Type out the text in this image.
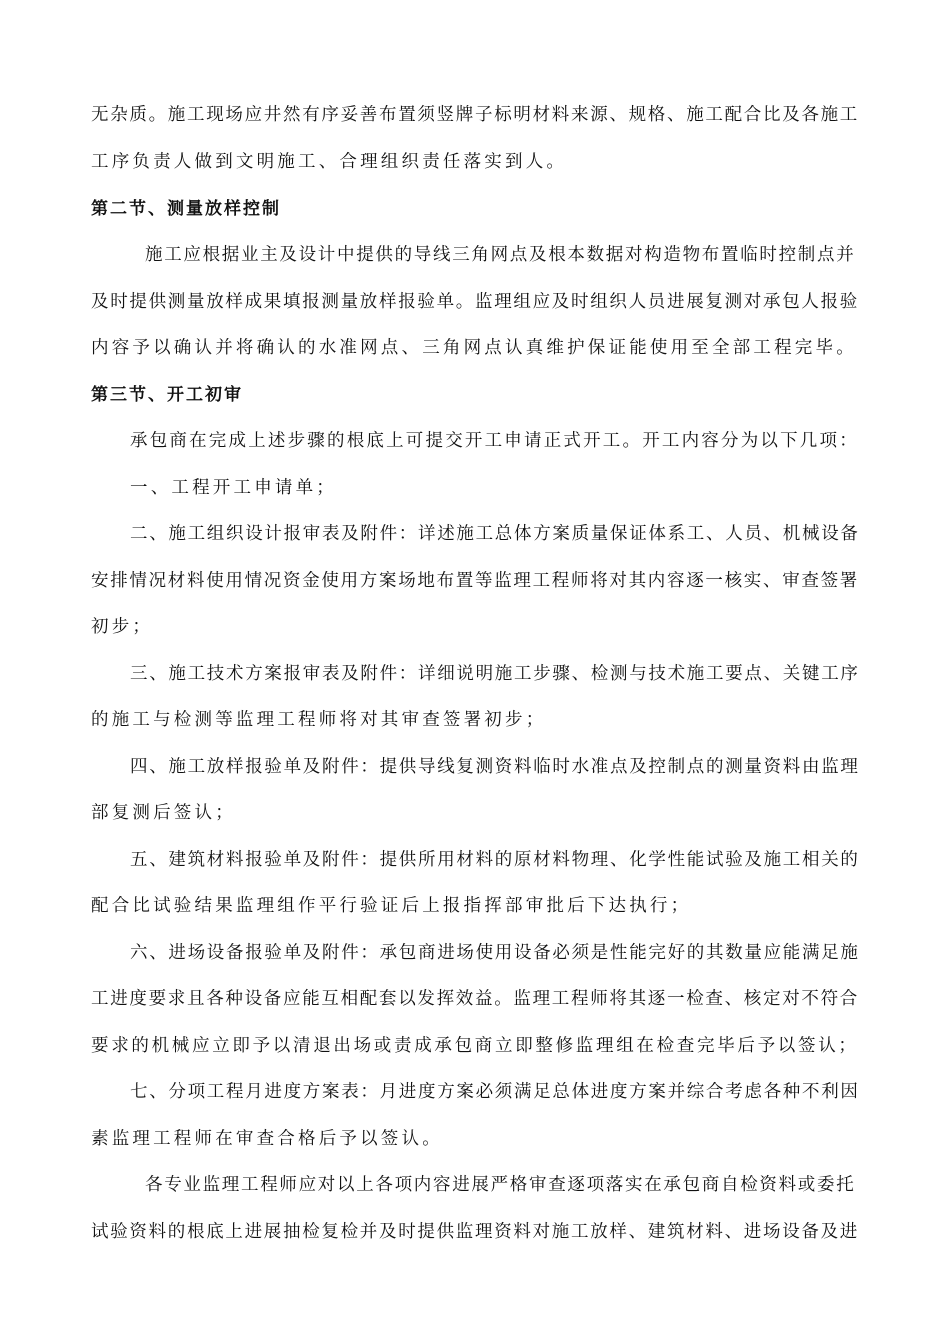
无杂质。施工现场应井然有序妥善布置须竖牌子标明材料来源、规格、施工配合比及各施工
工序负责人做到文明施工、合理组织责任落实到人。
第二节、测量放样控制
施工应根据业主及设计中提供的导线三角网点及根本数据对构造物布置临时控制点并
及时提供测量放样成果填报测量放样报验单。监理组应及时组织人员进展复测对承包人报验
内容予以确认并将确认的水准网点、三角网点认真维护保证能使用至全部工程完毕。
第三节、开工初审
承包商在完成上述步骤的根底上可提交开工申请正式开工。开工内容分为以下几项：
一、工程开工申请单；
二、施工组织设计报审表及附件：详述施工总体方案质量保证体系工、人员、机械设备
安排情况材料使用情况资金使用方案场地布置等监理工程师将对其内容逐一核实、审查签署
初步；
三、施工技术方案报审表及附件：详细说明施工步骤、检测与技术施工要点、关键工序
的施工与检测等监理工程师将对其审查签署初步；
四、施工放样报验单及附件：提供导线复测资料临时水准点及控制点的测量资料由监理
部复测后签认；
五、建筑材料报验单及附件：提供所用材料的原材料物理、化学性能试验及施工相关的
配合比试验结果监理组作平行验证后上报指挥部审批后下达执行；
六、进场设备报验单及附件：承包商进场使用设备必须是性能完好的其数量应能满足施
工进度要求且各种设备应能互相配套以发挥效益。监理工程师将其逐一检查、核定对不符合
要求的机械应立即予以清退出场或责成承包商立即整修监理组在检查完毕后予以签认；
七、分项工程月进度方案表：月进度方案必须满足总体进度方案并综合考虑各种不利因
素监理工程师在审查合格后予以签认。
各专业监理工程师应对以上各项内容进展严格审查逐项落实在承包商自检资料或委托
试验资料的根底上进展抽检复检并及时提供监理资料对施工放样、建筑材料、进场设备及进
